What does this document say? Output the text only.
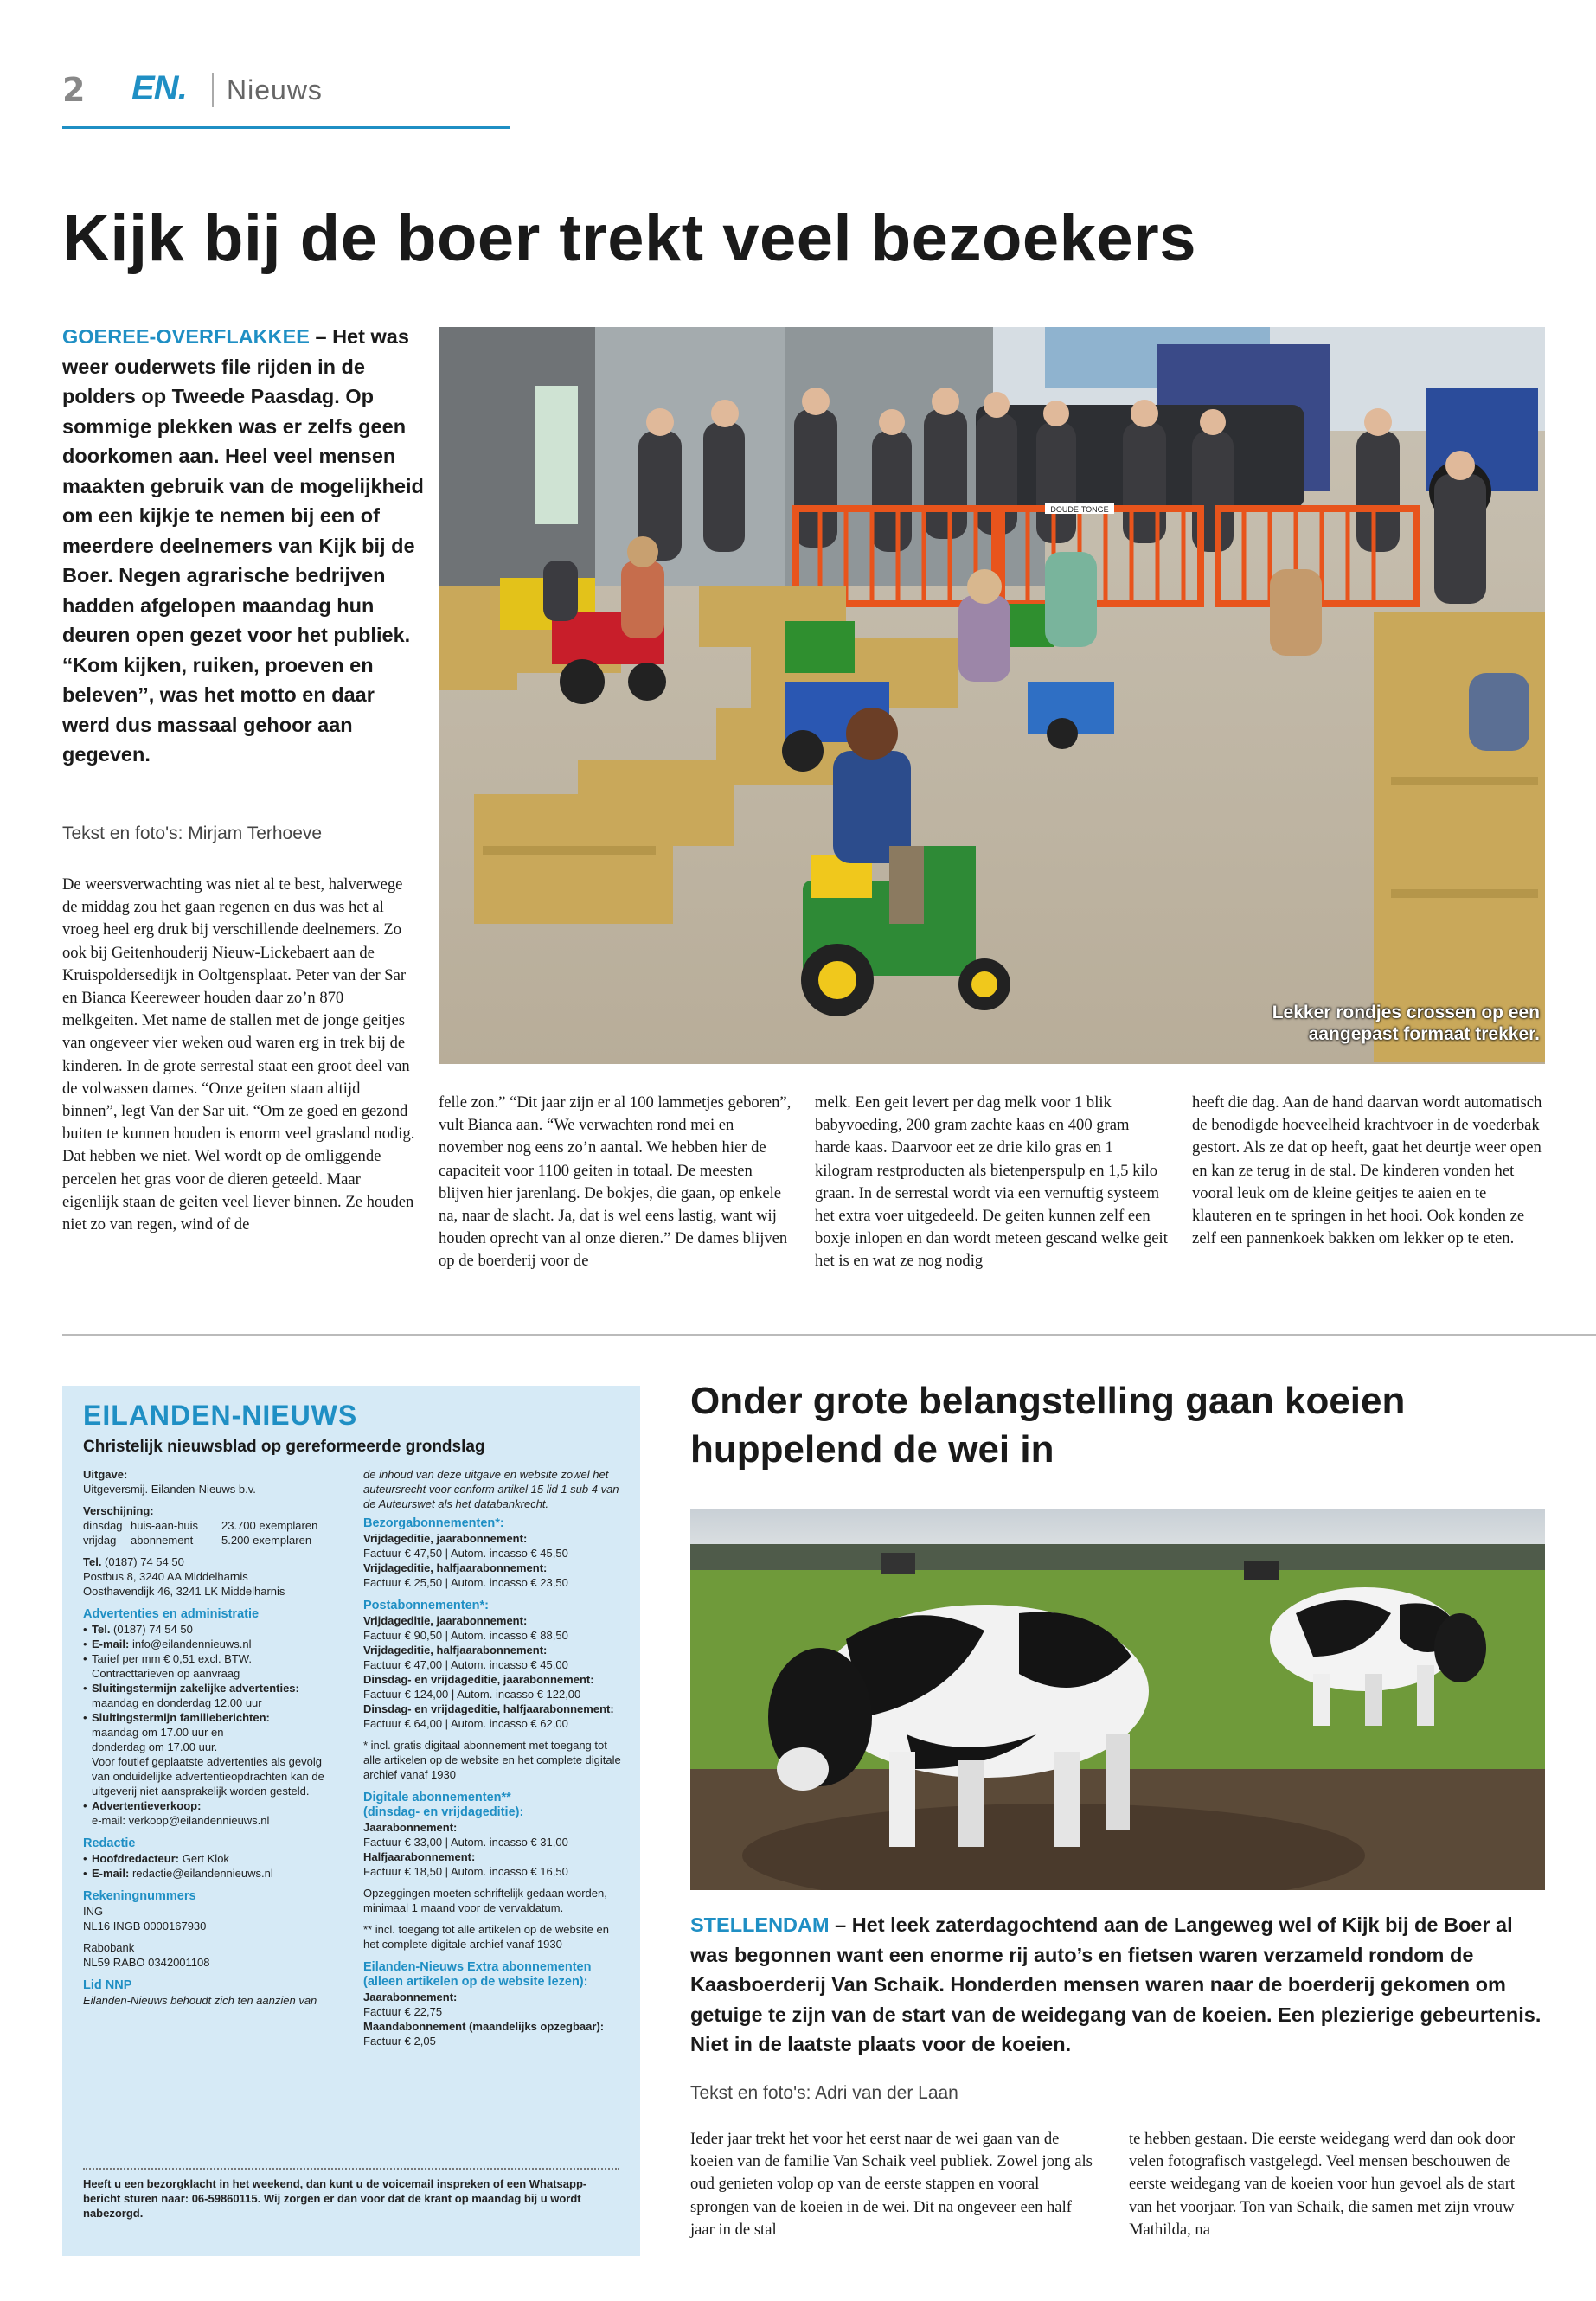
2 EN. Nieuws
Kijk bij de boer trekt veel bezoekers

GOEREE-OVERFLAKKEE – Het was weer ouderwets file rijden in de polders op Tweede Paasdag. Op sommige plekken was er zelfs geen doorkomen aan. Heel veel mensen maakten gebruik van de mogelijkheid om een kijkje te nemen bij een of meerdere deelnemers van Kijk bij de Boer. Negen agrarische bedrijven hadden afgelopen maandag hun deuren open gezet voor het publiek. ‘‘Kom kijken, ruiken, proeven en beleven’’, was het motto en daar werd dus massaal gehoor aan gegeven.

Tekst en foto's: Mirjam Terhoeve

De weersverwachting was niet al te best, halverwege de middag zou het gaan regenen en dus was het al vroeg heel erg druk bij verschillende deelnemers. Zo ook bij Geitenhouderij Nieuw-Lickebaert aan de Kruispoldersedijk in Ooltgensplaat. Peter van der Sar en Bianca Keereweer houden daar zo’n 870 melkgeiten. Met name de stallen met de jonge geitjes van ongeveer vier weken oud waren erg in trek bij de kinderen. In de grote serrestal staat een groot deel van de volwassen dames. “Onze geiten staan altijd binnen”, legt Van der Sar uit. “Om ze goed en gezond buiten te kunnen houden is enorm veel grasland nodig. Dat hebben we niet. Wel wordt op de omliggende percelen het gras voor de dieren geteeld. Maar eigenlijk staan de geiten veel liever binnen. Ze houden niet zo van regen, wind of de

felle zon.” “Dit jaar zijn er al 100 lammetjes geboren”, vult Bianca aan. “We verwachten rond mei en november nog eens zo’n aantal. We hebben hier de capaciteit voor 1100 geiten in totaal. De meesten blijven hier jarenlang. De bokjes, die gaan, op enkele na, naar de slacht. Ja, dat is wel eens lastig, want wij houden oprecht van al onze dieren.” De dames blijven op de boerderij voor de

melk. Een geit levert per dag melk voor 1 blik babyvoeding, 200 gram zachte kaas en 400 gram harde kaas. Daarvoor eet ze drie kilo gras en 1 kilogram restproducten als bietenperspulp en 1,5 kilo graan. In de serrestal wordt via een vernuftig systeem het extra voer uitgedeeld. De geiten kunnen zelf een boxje inlopen en dan wordt meteen gescand welke geit het is en wat ze nog nodig

heeft die dag. Aan de hand daarvan wordt automatisch de benodigde hoeveelheid krachtvoer in de voederbak gestort. Als ze dat op heeft, gaat het deurtje weer open en kan ze terug in de stal. De kinderen vonden het vooral leuk om de kleine geitjes te aaien en te klauteren en te springen in het hooi. Ook konden ze zelf een pannenkoek bakken om lekker op te eten.

DOUDE-TONGE
Lekker rondjes crossen op een aangepast formaat trekker.
EILANDEN-NIEUWS
Christelijk nieuwsblad op gereformeerde grondslag
Uitgave:
Uitgeversmij. Eilanden-Nieuws b.v.
Verschijning:
dinsdag huis-aan-huis	23.700 exemplaren
vrijdag	abonnement	5.200 exemplaren
Tel. (0187) 74 54 50
Postbus 8, 3240 AA Middelharnis
Oosthavendijk 46, 3241 LK Middelharnis
Advertenties en administratie
• Tel. (0187) 74 54 50
• E-mail: info@eilandennieuws.nl
• Tarief per mm € 0,51 excl. BTW.
Contracttarieven op aanvraag
• Sluitingstermijn zakelijke advertenties:
maandag en donderdag 12.00 uur
• Sluitingstermijn familieberichten:
maandag om 17.00 uur en
donderdag om 17.00 uur.
Voor foutief geplaatste advertenties als gevolg van onduidelijke advertentieopdrachten kan de uitgeverij niet aansprakelijk worden gesteld.
• Advertentieverkoop:
e-mail: verkoop@eilandennieuws.nl
Redactie
• Hoofdredacteur: Gert Klok
• E-mail: redactie@eilandennieuws.nl
Rekeningnummers
ING
NL16 INGB 0000167930
Rabobank
NL59 RABO 0342001108
Lid NNP
Eilanden-Nieuws behoudt zich ten aanzien van
de inhoud van deze uitgave en website zowel het auteursrecht voor conform artikel 15 lid 1 sub 4 van de Auteurswet als het databankrecht.
Bezorgabonnementen*:
Vrijdageditie, jaarabonnement:
Factuur € 47,50 | Autom. incasso € 45,50
Vrijdageditie, halfjaarabonnement:
Factuur € 25,50 | Autom. incasso € 23,50
Postabonnementen*:
Vrijdageditie, jaarabonnement:
Factuur € 90,50 | Autom. incasso € 88,50
Vrijdageditie, halfjaarabonnement:
Factuur € 47,00 | Autom. incasso € 45,00
Dinsdag- en vrijdageditie, jaarabonnement:
Factuur € 124,00 | Autom. incasso € 122,00
Dinsdag- en vrijdageditie, halfjaarabonnement:
Factuur € 64,00 | Autom. incasso € 62,00
* incl. gratis digitaal abonnement met toegang tot alle artikelen op de website en het complete digitale archief vanaf 1930
Digitale abonnementen**
(dinsdag- en vrijdageditie):
Jaarabonnement:
Factuur € 33,00 | Autom. incasso € 31,00
Halfjaarabonnement:
Factuur € 18,50 | Autom. incasso € 16,50
Opzeggingen moeten schriftelijk gedaan worden, minimaal 1 maand voor de vervaldatum.
** incl. toegang tot alle artikelen op de website en het complete digitale archief vanaf 1930
Eilanden-Nieuws Extra abonnementen
(alleen artikelen op de website lezen):
Jaarabonnement:
Factuur € 22,75
Maandabonnement (maandelijks opzegbaar):
Factuur € 2,05
Heeft u een bezorgklacht in het weekend, dan kunt u de voicemail inspreken of een Whatsapp-bericht sturen naar: 06-59860115. Wij zorgen er dan voor dat de krant op maandag bij u wordt nabezorgd.
Onder grote belangstelling gaan koeien huppelend de wei in

STELLENDAM – Het leek zaterdagochtend aan de Langeweg wel of Kijk bij de Boer al was begonnen want een enorme rij auto’s en fietsen waren verzameld rondom de Kaasboerderij Van Schaik. Honderden mensen waren naar de boerderij gekomen om getuige te zijn van de start van de weidegang van de koeien. Een plezierige gebeurtenis. Niet in de laatste plaats voor de koeien.

Tekst en foto's: Adri van der Laan

Ieder jaar trekt het voor het eerst naar de wei gaan van de koeien van de familie Van Schaik veel publiek. Zowel jong als oud genieten volop op van de eerste stappen en vooral sprongen van de koeien in de wei. Dit na ongeveer een half jaar in de stal

te hebben gestaan. Die eerste weidegang werd dan ook door velen fotografisch vastgelegd. Veel mensen beschouwen de eerste weidegang van de koeien voor hun gevoel als de start van het voorjaar. Ton van Schaik, die samen met zijn vrouw Mathilda, na
